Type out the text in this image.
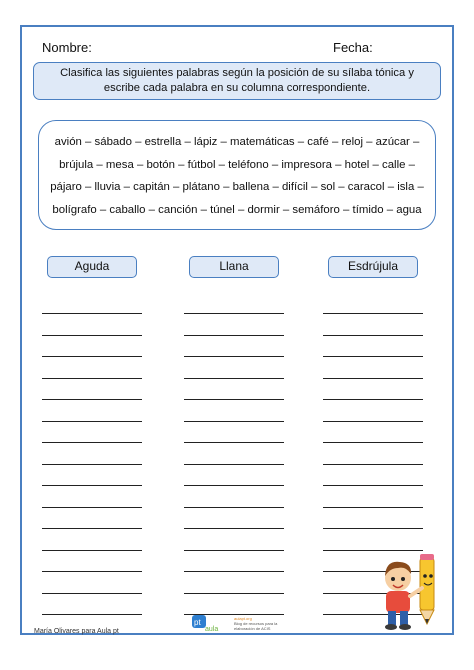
Nombre:	Fecha:
Clasifica las siguientes palabras según la posición de su sílaba tónica y
escribe cada palabra en su columna correspondiente.
avión – sábado – estrella – lápiz – matemáticas – café – reloj – azúcar –
brújula – mesa – botón – fútbol – teléfono – impresora – hotel – calle –
pájaro – lluvia – capitán – plátano – ballena – difícil – sol – caracol – isla –
bolígrafo – caballo – canción – túnel – dormir – semáforo – tímido – agua
Aguda	Llana	Esdrújula
María Olivares para Aula pt
pt
aula
aulapt.org
Blog de recursos para la elaboración de ACIS
